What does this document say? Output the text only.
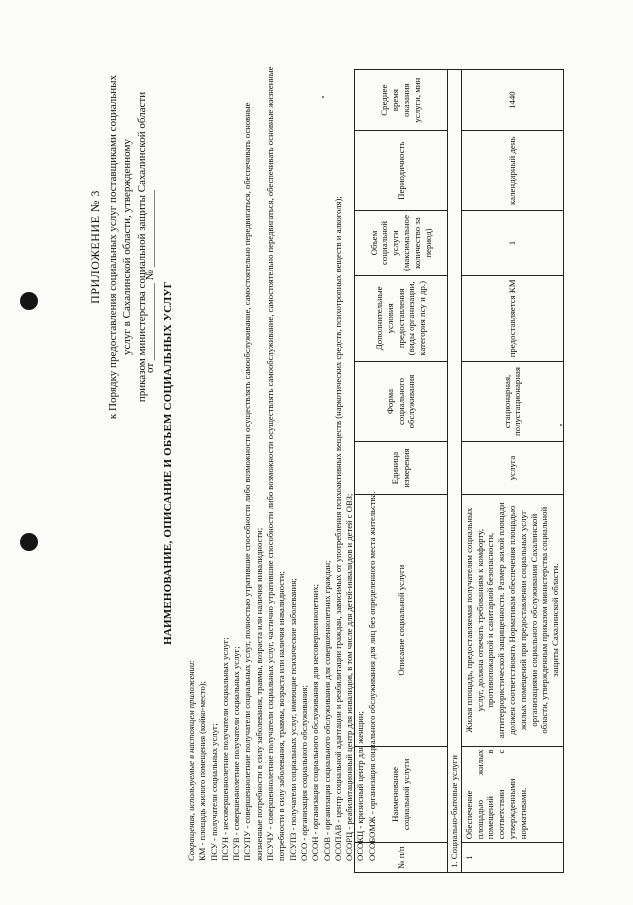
ПРИЛОЖЕНИЕ № 3 к Порядку предоставления социальных услуг поставщиками социальных услуг в Сахалинской области, утвержденному приказом министерства социальной защиты Сахалинской области
от ______________ № ______________
НАИМЕНОВАНИЕ, ОПИСАНИЕ И ОБЪЕМ СОЦИАЛЬНЫХ УСЛУГ
Сокращения, используемые в настоящем приложении: КМ - площадь жилого помещения (койко-место); ПСУ - получатели социальных услуг; ПСУН - несовершеннолетние получатели социальных услуг; ПСУВ - совершеннолетние получатели социальных услуг; ПСУПУ - совершеннолетние получатели социальных услуг, полностью утратившие способности либо возможности осуществлять самообслуживание, самостоятельно передвигаться, обеспечивать основные жизненные потребности в силу заболевания, травмы, возраста или наличия инвалидности; ПСУЧУ - совершеннолетние получатели социальных услуг, частично утратившие способности либо возможности осуществлять самообслуживание, самостоятельно передвигаться, обеспечивать основные жизненные потребности в силу заболевания, травмы, возраста или наличия инвалидности; ПСУПЗ - получатели социальных услуг, имеющие психические заболевания; ОСО - организация социального обслуживания; ОСОН - организация социального обслуживания для несовершеннолетних; ОСОВ - организация социального обслуживания для совершеннолетних граждан; ОСОПАВ - центр социальной адаптации и реабилитации граждан, зависимых от употребления психоактивных веществ (наркотических средств, психотропных веществ и алкоголя); ОСОРЦ - реабилитационный центр для инвалидов, в том числе для детей-инвалидов и детей с ОВЗ; ОСОКЦ - кризисный центр для женщин; ОСОБОМЖ - организация социального обслуживания для лиц без определенного места жительства. № п/п	Наименование социальной услуги	Описание социальной услуги	Единица измерения	Форма социального обслуживания	Дополнительные условия предоставления (виды организации, категория псу и др.)	Объем социальной услуги (максимальное количество за период)	Периодичность	Среднее время оказания услуги, мин
1. Социально-бытовые услуги								
1	Обеспечение площадью жилых помещений в соответствии с утвержденными нормативами.	Жилая площадь, предоставляемая получателям социальных услуг, должна отвечать требованиям к комфорту, противопожарной и санитарной безопасности, антитеррористической защищенности. Размер жилой площади должен соответствовать Нормативам обеспечения площадью жилых помещений при предоставлении социальных услуг организациями социального обслуживания Сахалинской области, утвержденным приказом министерства социальной защиты Сахалинской области.	услуга	стационарная, полустационарная	предоставляется КМ	1	календарный день	1440
